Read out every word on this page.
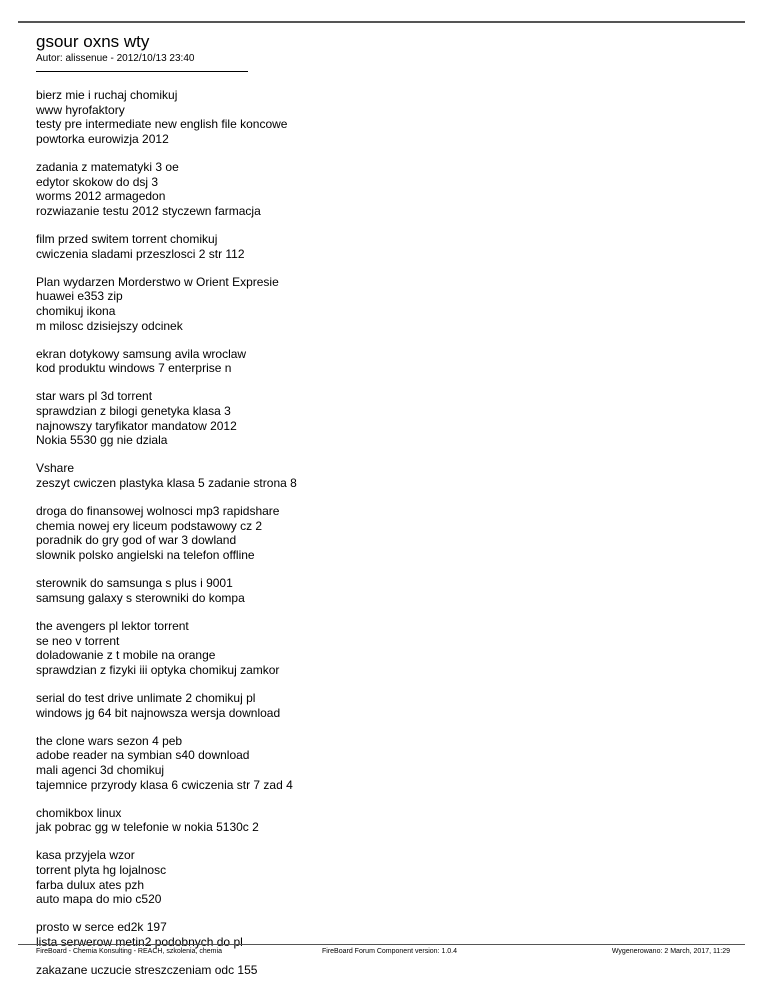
gsour oxns wty
Autor: alissenue - 2012/10/13 23:40
bierz mie i ruchaj chomikuj
www hyrofaktory
testy pre intermediate new english file koncowe
powtorka eurowizja 2012
zadania z matematyki 3 oe
edytor skokow do dsj 3
worms 2012 armagedon
rozwiazanie testu 2012 styczewn farmacja
film przed switem torrent chomikuj
cwiczenia sladami przeszlosci 2 str 112
Plan wydarzen Morderstwo w Orient Expresie
huawei e353 zip
chomikuj ikona
m milosc dzisiejszy odcinek
ekran dotykowy samsung avila wroclaw
kod produktu windows 7 enterprise n
star wars pl 3d torrent
sprawdzian z bilogi genetyka klasa 3
najnowszy taryfikator mandatow 2012
Nokia 5530 gg nie dziala
Vshare
zeszyt cwiczen plastyka klasa 5 zadanie strona 8
droga do finansowej wolnosci mp3 rapidshare
chemia nowej ery liceum podstawowy cz 2
poradnik do gry god of war 3 dowland
slownik polsko angielski na telefon offline
sterownik do samsunga s plus i 9001
samsung galaxy s sterowniki do kompa
the avengers pl lektor torrent
se neo v torrent
doladowanie z t mobile na orange
sprawdzian z fizyki iii optyka chomikuj zamkor
serial do test drive unlimate 2 chomikuj pl
windows jg 64 bit najnowsza wersja download
the clone wars sezon 4 peb
adobe reader na symbian s40 download
mali agenci 3d chomikuj
tajemnice przyrody klasa 6 cwiczenia str 7 zad 4
chomikbox linux
jak pobrac gg w telefonie w nokia 5130c 2
kasa przyjela wzor
torrent plyta hg lojalnosc
farba dulux ates pzh
auto mapa do mio c520
prosto w serce ed2k 197
lista serwerow metin2 podobnych do pl
zakazane uczucie streszczeniam odc 155
FireBoard - Chemia Konsulting - REACH, szkolenia, chemia	FireBoard Forum Component version: 1.0.4	Wygenerowano: 2 March, 2017, 11:29
